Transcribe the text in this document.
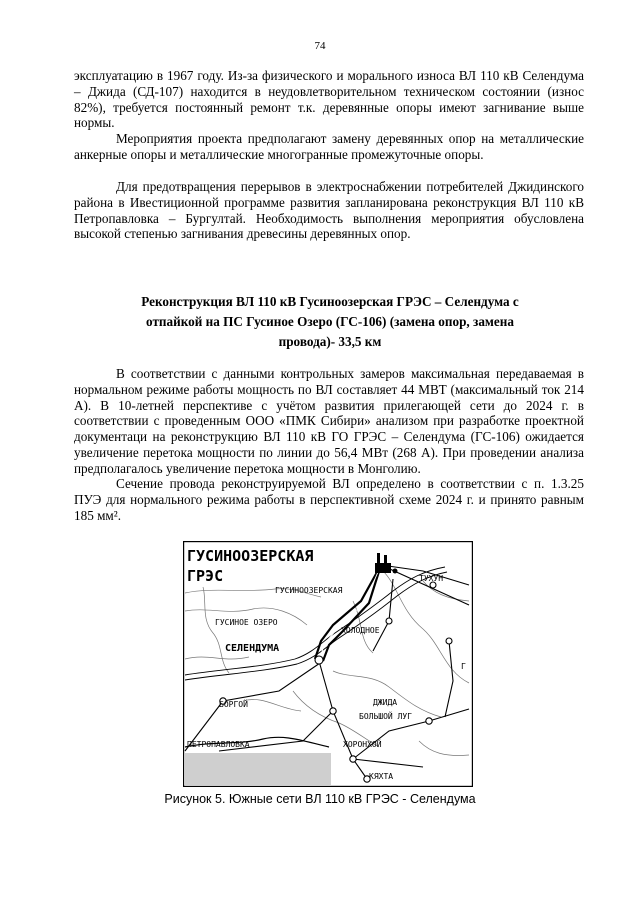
74

эксплуатацию в 1967 году. Из-за физического и морального износа ВЛ 110 кВ Селендума – Джида (СД-107) находится в неудовлетворительном техническом состоянии (износ 82%), требуется постоянный ремонт т.к. деревянные опоры имеют загнивание выше нормы.

Мероприятия проекта предполагают замену деревянных опор на металлические анкерные опоры и металлические многогранные промежуточные опоры.

Для предотвращения перерывов в электроснабжении потребителей Джидинского района в Ивестиционной программе развития запланирована реконструкция ВЛ 110 кВ Петропавловка – Бургултай. Необходимость выполнения мероприятия обусловлена высокой степенью загнивания древесины деревянных опор.

Реконструкция ВЛ 110 кВ Гусиноозерская ГРЭС – Селендума с отпайкой на ПС Гусиное Озеро (ГС-106) (замена опор, замена провода)- 33,5 км

В соответствии с данными контрольных замеров максимальная передаваемая в нормальном режиме работы мощность по ВЛ составляет 44 МВТ (максимальный ток 214 А). В 10-летней перспективе с учётом развития прилегающей сети до 2024 г. в соответствии с проведенным ООО «ПМК Сибири» анализом при разработке проектной документаци на реконструкцию ВЛ 110 кВ ГО ГРЭС – Селендума (ГС-106) ожидается увеличение перетока мощности по линии до 56,4 МВт (268 А). При проведении анализа предполагалось увеличение перетока мощности в Монголию.

Сечение провода реконструируемой ВЛ определено в соответствии с п. 1.3.25 ПУЭ для нормального режима работы в перспективной схеме 2024 г. и принято равным 185 мм².

ГУСИНООЗЕРСКАЯ
ГРЭС
ГУСИНООЗЕРСКАЯ
ГУСИНОЕ ОЗЕРО
ХОЛОДНОЕ
ТУХУН
СЕЛЕНДУМА
БОРГОЙ	ДЖИДА
БОЛЬШОЙ ЛУГ
ПЕТРОПАВЛОВКА	ХОРОНХОЙ
КЯХТА
Г
Рисунок 5. Южные сети ВЛ 110 кВ ГРЭС - Селендума
